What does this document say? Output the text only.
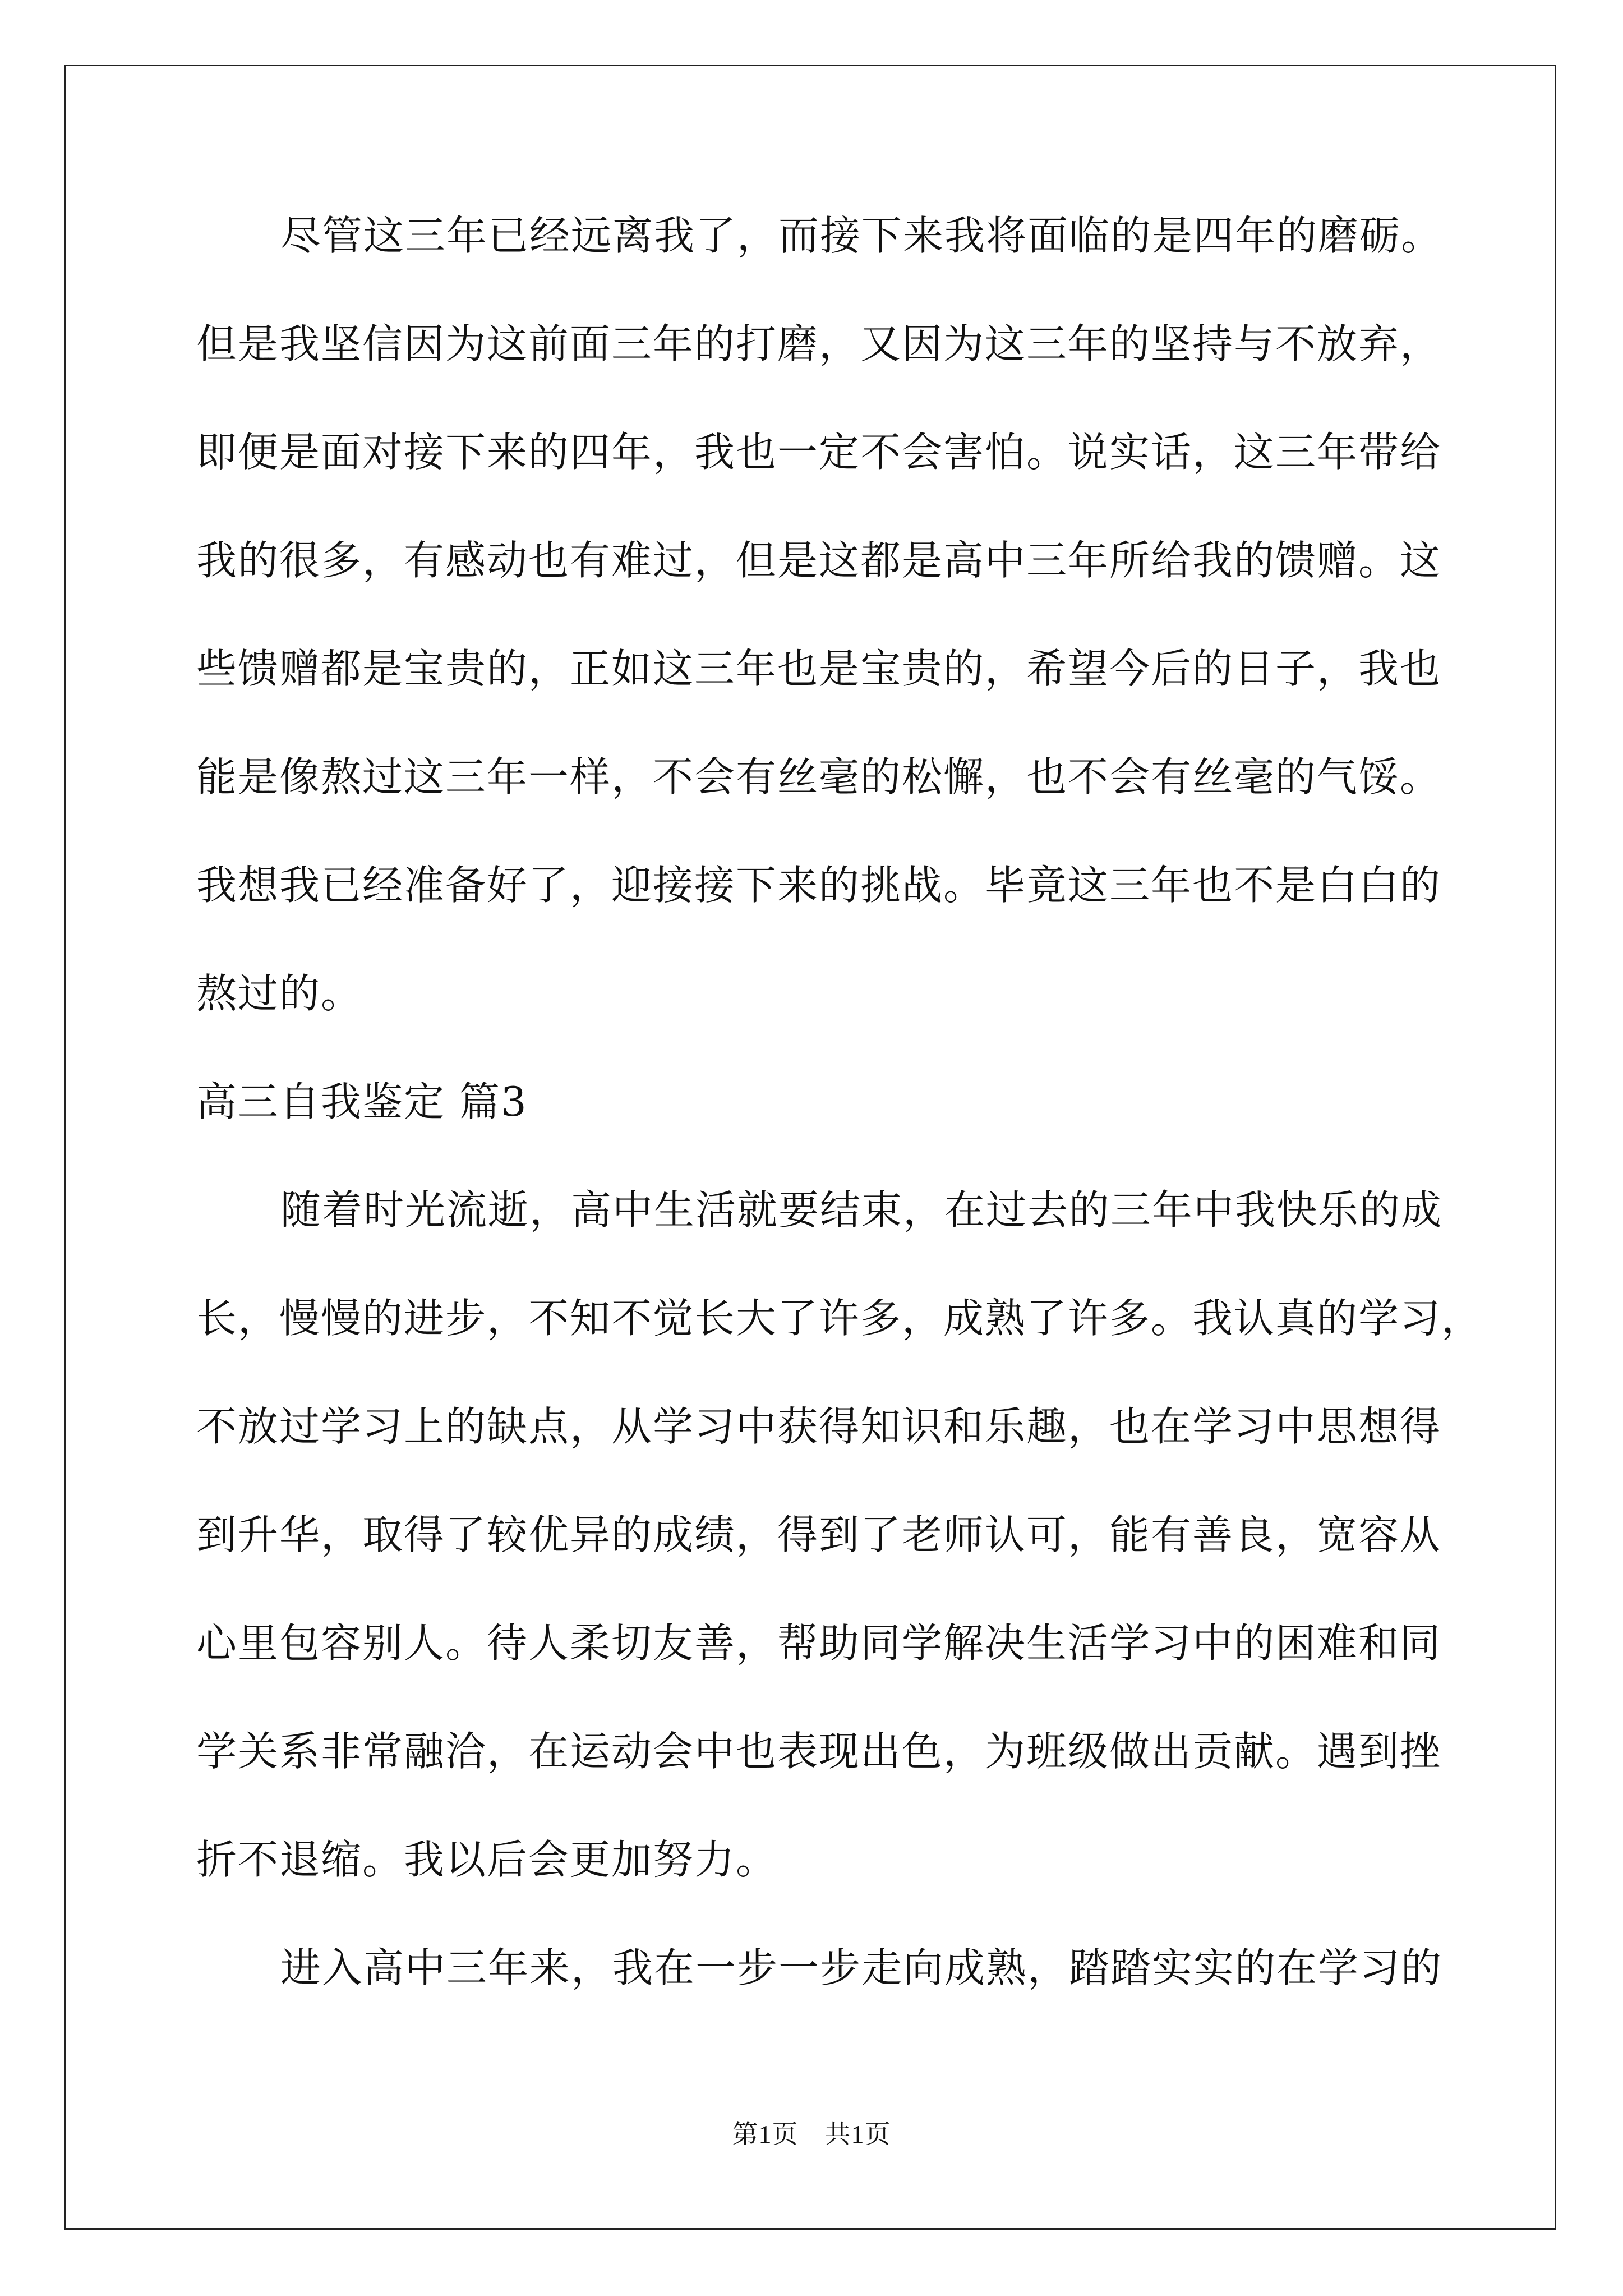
尽管这三年已经远离我了，而接下来我将面临的是四年的磨砺。
但是我坚信因为这前面三年的打磨，又因为这三年的坚持与不放弃，
即便是面对接下来的四年，我也一定不会害怕。说实话，这三年带给
我的很多，有感动也有难过，但是这都是高中三年所给我的馈赠。这
些馈赠都是宝贵的，正如这三年也是宝贵的，希望今后的日子，我也
能是像熬过这三年一样，不会有丝毫的松懈，也不会有丝毫的气馁。
我想我已经准备好了，迎接接下来的挑战。毕竟这三年也不是白白的
熬过的。
高三自我鉴定 篇3
随着时光流逝，高中生活就要结束，在过去的三年中我快乐的成
长，慢慢的进步，不知不觉长大了许多，成熟了许多。我认真的学习，
不放过学习上的缺点，从学习中获得知识和乐趣，也在学习中思想得
到升华，取得了较优异的成绩，得到了老师认可，能有善良，宽容从
心里包容别人。待人柔切友善，帮助同学解决生活学习中的困难和同
学关系非常融洽，在运动会中也表现出色，为班级做出贡献。遇到挫
折不退缩。我以后会更加努力。
进入高中三年来，我在一步一步走向成熟，踏踏实实的在学习的
第1页　共1页
